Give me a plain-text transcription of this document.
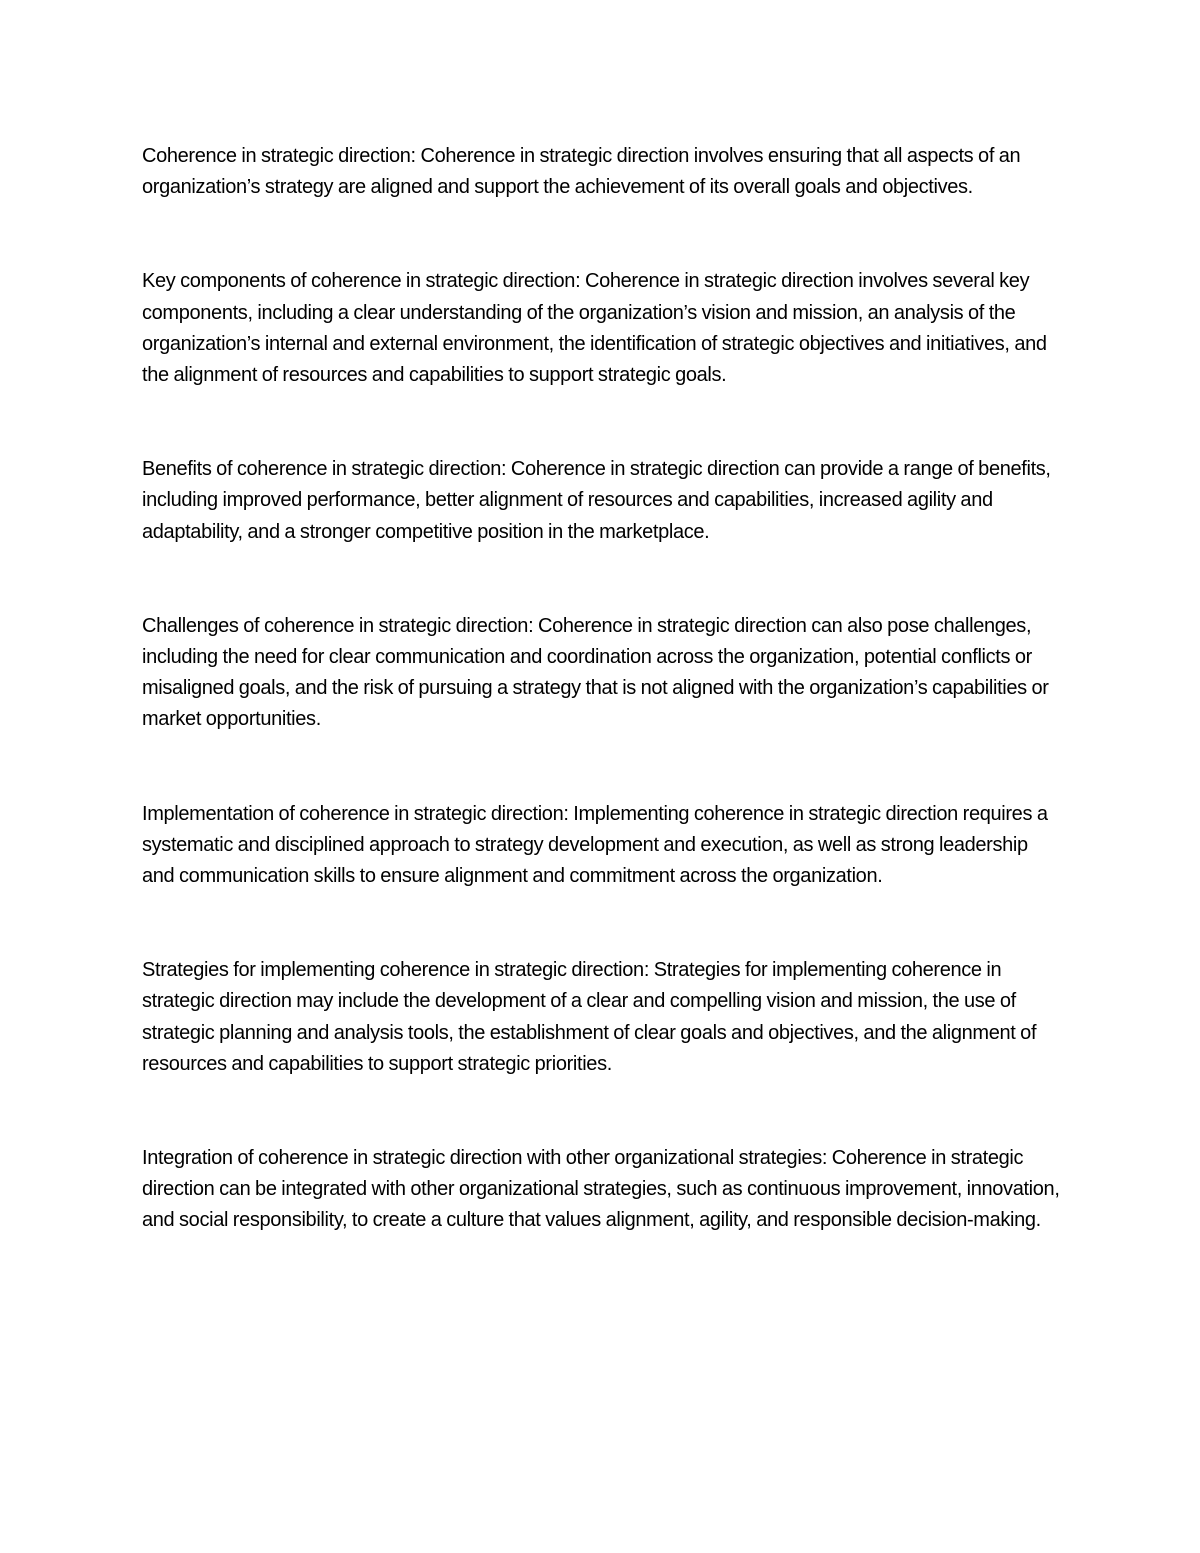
Coherence in strategic direction: Coherence in strategic direction involves ensuring that all aspects of an organization’s strategy are aligned and support the achievement of its overall goals and objectives.

Key components of coherence in strategic direction: Coherence in strategic direction involves several key components, including a clear understanding of the organization’s vision and mission, an analysis of the organization’s internal and external environment, the identification of strategic objectives and initiatives, and the alignment of resources and capabilities to support strategic goals.

Benefits of coherence in strategic direction: Coherence in strategic direction can provide a range of benefits, including improved performance, better alignment of resources and capabilities, increased agility and adaptability, and a stronger competitive position in the marketplace.

Challenges of coherence in strategic direction: Coherence in strategic direction can also pose challenges, including the need for clear communication and coordination across the organization, potential conflicts or misaligned goals, and the risk of pursuing a strategy that is not aligned with the organization’s capabilities or market opportunities.

Implementation of coherence in strategic direction: Implementing coherence in strategic direction requires a systematic and disciplined approach to strategy development and execution, as well as strong leadership and communication skills to ensure alignment and commitment across the organization.

Strategies for implementing coherence in strategic direction: Strategies for implementing coherence in strategic direction may include the development of a clear and compelling vision and mission, the use of strategic planning and analysis tools, the establishment of clear goals and objectives, and the alignment of resources and capabilities to support strategic priorities.

Integration of coherence in strategic direction with other organizational strategies: Coherence in strategic direction can be integrated with other organizational strategies, such as continuous improvement, innovation, and social responsibility, to create a culture that values alignment, agility, and responsible decision-making.
